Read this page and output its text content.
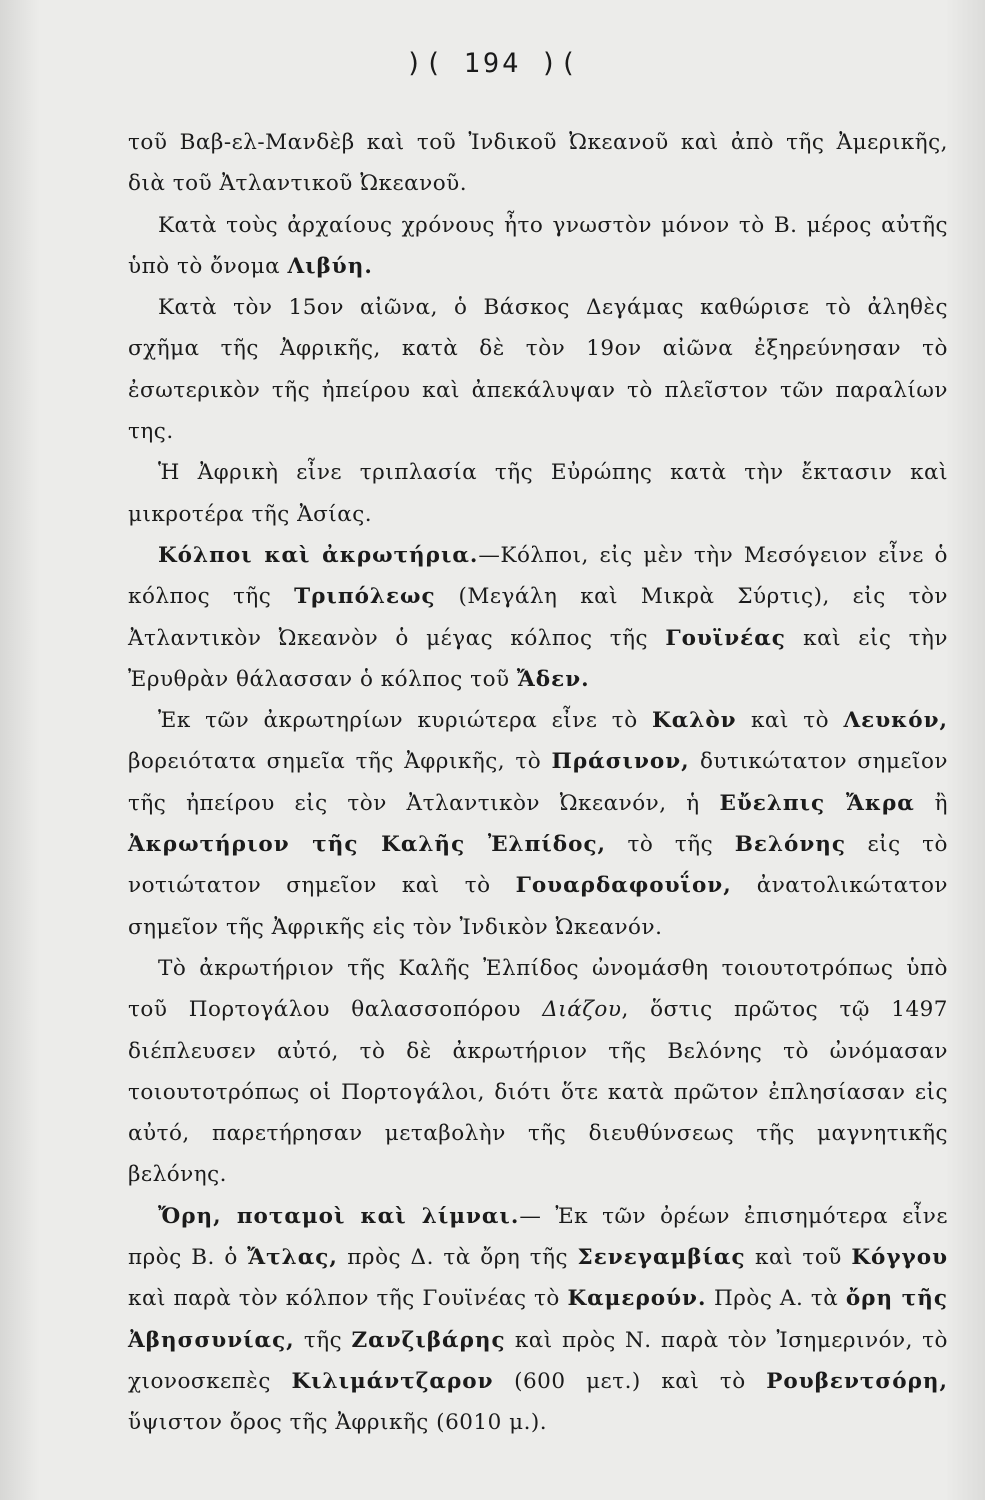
)( 194 )(

τοῦ Βαβ-ελ-Μανδὲβ καὶ τοῦ Ἰνδικοῦ Ὠκεανοῦ καὶ ἀπὸ τῆς Ἀμερικῆς, διὰ τοῦ Ἀτλαντικοῦ Ὠκεανοῦ.

Κατὰ τοὺς ἀρχαίους χρόνους ἦτο γνωστὸν μόνον τὸ Β. μέρος αὐτῆς ὑπὸ τὸ ὄνομα Λιβύη.

Κατὰ τὸν 15ον αἰῶνα, ὁ Βάσκος Δεγάμας καθώρισε τὸ ἀληθὲς σχῆμα τῆς Ἀφρικῆς, κατὰ δὲ τὸν 19ον αἰῶνα ἐξηρεύνησαν τὸ ἐσωτερικὸν τῆς ἠπείρου καὶ ἀπεκάλυψαν τὸ πλεῖστον τῶν παραλίων της.

Ἡ Ἀφρικὴ εἶνε τριπλασία τῆς Εὐρώπης κατὰ τὴν ἔκτασιν καὶ μικροτέρα τῆς Ἀσίας.

Κόλποι καὶ ἀκρωτήρια.—Κόλποι, εἰς μὲν τὴν Μεσόγειον εἶνε ὁ κόλπος τῆς Τριπόλεως (Μεγάλη καὶ Μικρὰ Σύρτις), εἰς τὸν Ἀτλαντικὸν Ὠκεανὸν ὁ μέγας κόλπος τῆς Γουϊνέας καὶ εἰς τὴν Ἐρυθρὰν θάλασσαν ὁ κόλπος τοῦ Ἄδεν.

Ἐκ τῶν ἀκρωτηρίων κυριώτερα εἶνε τὸ Καλὸν καὶ τὸ Λευκόν, βορειότατα σημεῖα τῆς Ἀφρικῆς, τὸ Πράσινον, δυτικώτατον σημεῖον τῆς ἠπείρου εἰς τὸν Ἀτλαντικὸν Ὠκεανόν, ἡ Εὔελπις Ἄκρα ἢ Ἀκρωτήριον τῆς Καλῆς Ἐλπίδος, τὸ τῆς Βελόνης εἰς τὸ νοτιώτατον σημεῖον καὶ τὸ Γουαρδαφουΐον, ἀνατολικώτατον σημεῖον τῆς Ἀφρικῆς εἰς τὸν Ἰνδικὸν Ὠκεανόν.

Τὸ ἀκρωτήριον τῆς Καλῆς Ἐλπίδος ὠνομάσθη τοιουτοτρόπως ὑπὸ τοῦ Πορτογάλου θαλασσοπόρου Διάζου, ὅστις πρῶτος τῷ 1497 διέπλευσεν αὐτό, τὸ δὲ ἀκρωτήριον τῆς Βελόνης τὸ ὠνόμασαν τοιουτοτρόπως οἱ Πορτογάλοι, διότι ὅτε κατὰ πρῶτον ἐπλησίασαν εἰς αὐτό, παρετήρησαν μεταβολὴν τῆς διευθύνσεως τῆς μαγνητικῆς βελόνης.

Ὄρη, ποταμοὶ καὶ λίμναι.— Ἐκ τῶν ὀρέων ἐπισημότερα εἶνε πρὸς Β. ὁ Ἄτλας, πρὸς Δ. τὰ ὄρη τῆς Σενεγαμβίας καὶ τοῦ Κόγγου καὶ παρὰ τὸν κόλπον τῆς Γουϊνέας τὸ Καμερούν. Πρὸς Α. τὰ ὄρη τῆς Ἀβησσυνίας, τῆς Ζανζιβάρης καὶ πρὸς Ν. παρὰ τὸν Ἰσημερινόν, τὸ χιονοσκεπὲς Κιλιμάντζαρον (600 μετ.) καὶ τὸ Ρουβεντσόρη, ὕψιστον ὄρος τῆς Ἀφρικῆς (6010 μ.).
